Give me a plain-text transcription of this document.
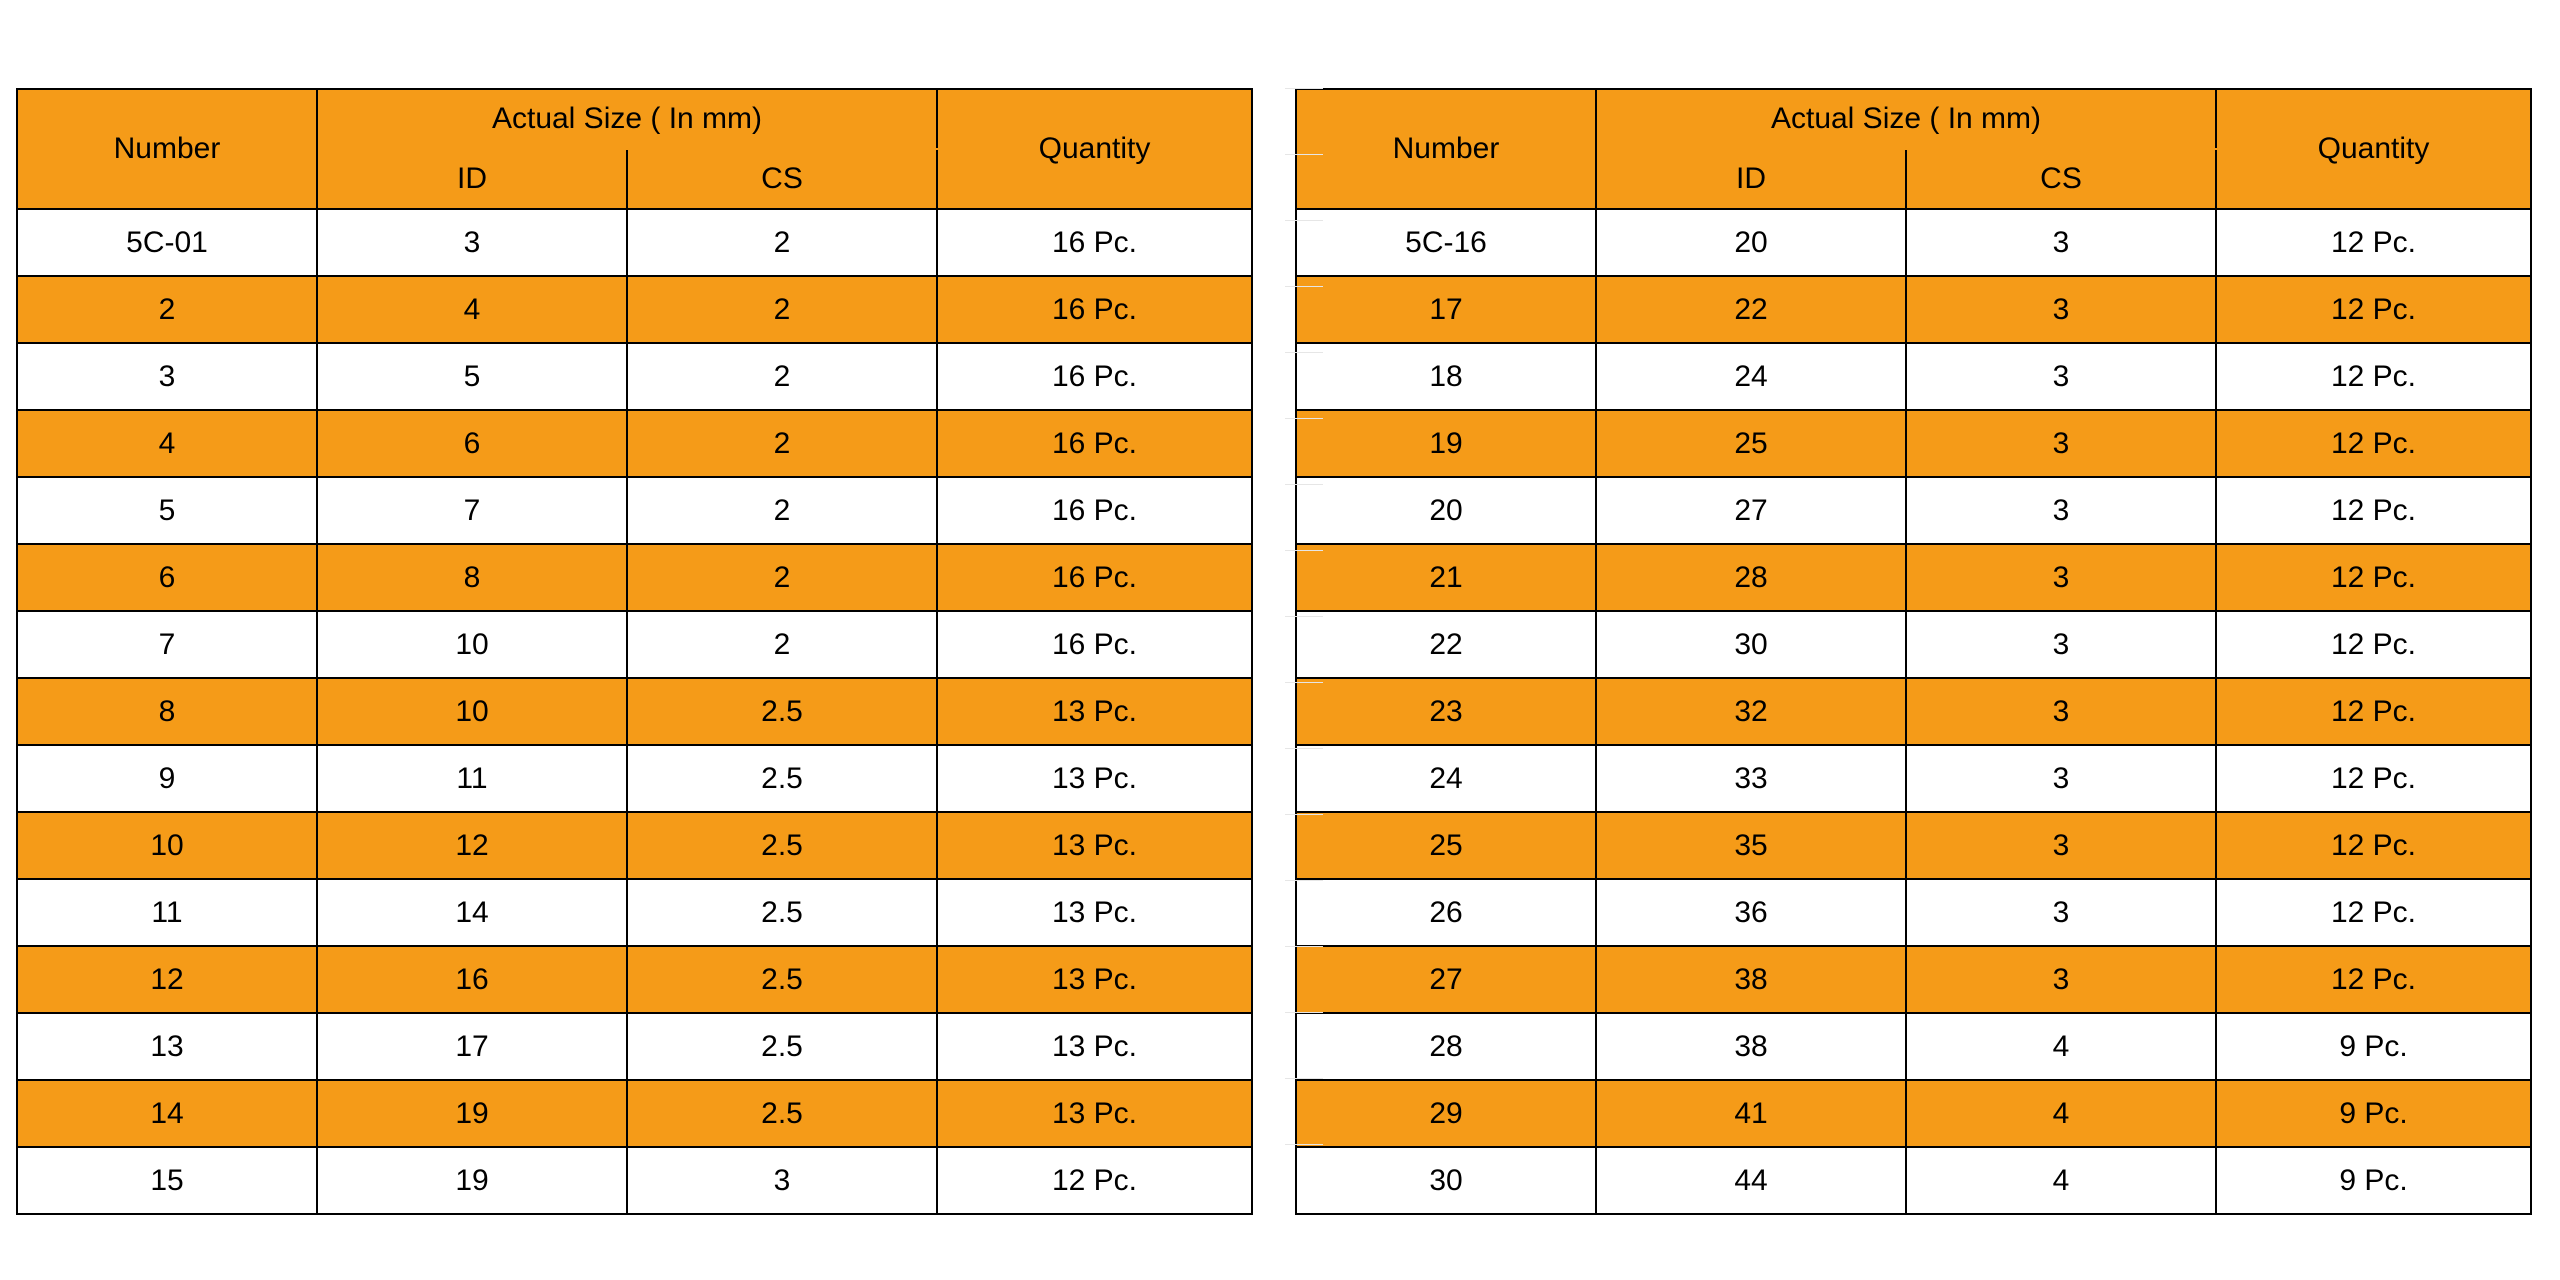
Number	Actual Size ( In mm)		Quantity
	ID	CS	
5C-01	3	2	16 Pc.
2	4	2	16 Pc.
3	5	2	16 Pc.
4	6	2	16 Pc.
5	7	2	16 Pc.
6	8	2	16 Pc.
7	10	2	16 Pc.
8	10	2.5	13 Pc.
9	11	2.5	13 Pc.
10	12	2.5	13 Pc.
11	14	2.5	13 Pc.
12	16	2.5	13 Pc.
13	17	2.5	13 Pc.
14	19	2.5	13 Pc.
15	19	3	12 Pc.
Number	Actual Size ( In mm)		Quantity
	ID	CS	
5C-16	20	3	12 Pc.
17	22	3	12 Pc.
18	24	3	12 Pc.
19	25	3	12 Pc.
20	27	3	12 Pc.
21	28	3	12 Pc.
22	30	3	12 Pc.
23	32	3	12 Pc.
24	33	3	12 Pc.
25	35	3	12 Pc.
26	36	3	12 Pc.
27	38	3	12 Pc.
28	38	4	9 Pc.
29	41	4	9 Pc.
30	44	4	9 Pc.
